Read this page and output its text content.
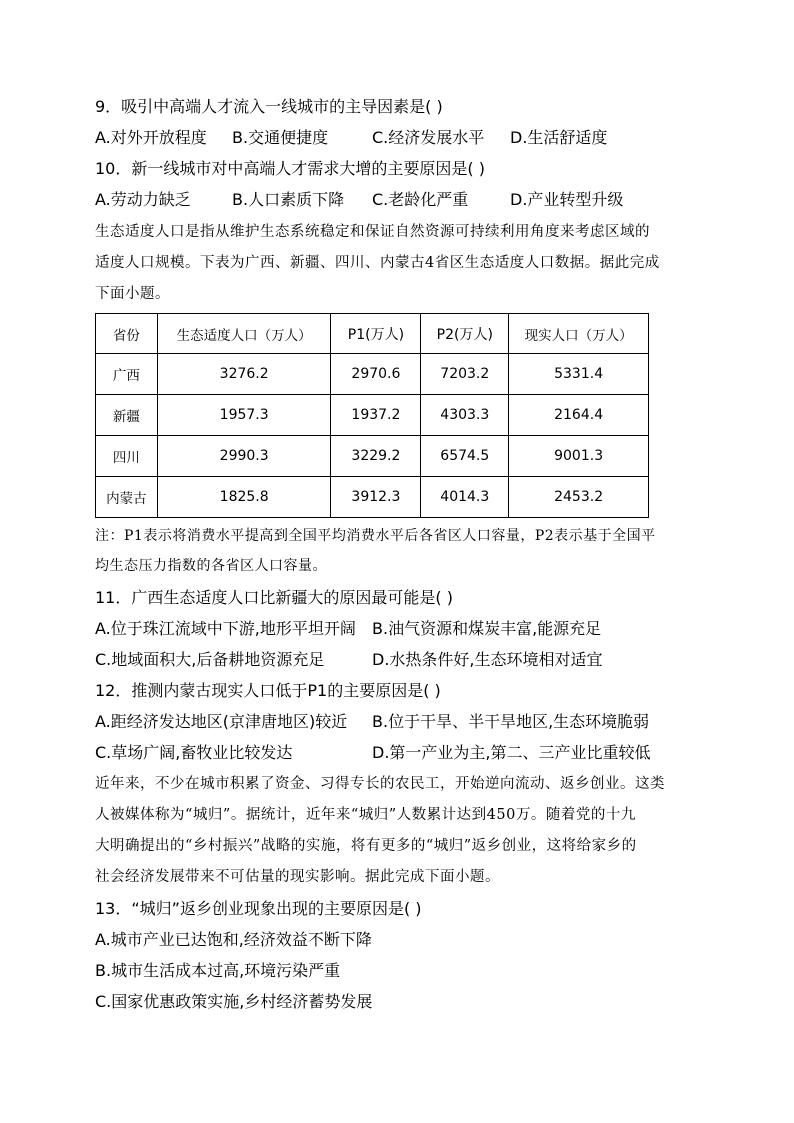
9．吸引中高端人才流入一线城市的主导因素是( )
A.对外开放程度 B.交通便捷度	C.经济发展水平 D.生活舒适度
10．新一线城市对中高端人才需求大增的主要原因是( )
A.劳动力缺乏	B.人口素质下降 C.老龄化严重	D.产业转型升级
生态适度人口是指从维护生态系统稳定和保证自然资源可持续利用角度来考虑区域的
适度人口规模。下表为广西、新疆、四川、内蒙古4省区生态适度人口数据。据此完成
下面小题。
省份	生态适度人口（万人）	P1(万人)	P2(万人)	现实人口（万人）
广西	3276.2	2970.6	7203.2	5331.4
新疆	1957.3	1937.2	4303.3	2164.4
四川	2990.3	3229.2	6574.5	9001.3
内蒙古	1825.8	3912.3	4014.3	2453.2
注：P1表示将消费水平提高到全国平均消费水平后各省区人口容量，P2表示基于全国平
均生态压力指数的各省区人口容量。
11．广西生态适度人口比新疆大的原因最可能是( )
A.位于珠江流域中下游,地形平坦开阔 B.油气资源和煤炭丰富,能源充足
C.地域面积大,后备耕地资源充足	D.水热条件好,生态环境相对适宜
12．推测内蒙古现实人口低于P1的主要原因是( )
A.距经济发达地区(京津唐地区)较近 B.位于干旱、半干旱地区,生态环境脆弱
C.草场广阔,畜牧业比较发达	D.第一产业为主,第二、三产业比重较低
近年来，不少在城市积累了资金、习得专长的农民工，开始逆向流动、返乡创业。这类
人被媒体称为“城归”。据统计，近年来“城归”人数累计达到450万。随着党的十九
大明确提出的“乡村振兴”战略的实施，将有更多的“城归”返乡创业，这将给家乡的
社会经济发展带来不可估量的现实影响。据此完成下面小题。
13．“城归”返乡创业现象出现的主要原因是( )
A.城市产业已达饱和,经济效益不断下降
B.城市生活成本过高,环境污染严重
C.国家优惠政策实施,乡村经济蓄势发展
